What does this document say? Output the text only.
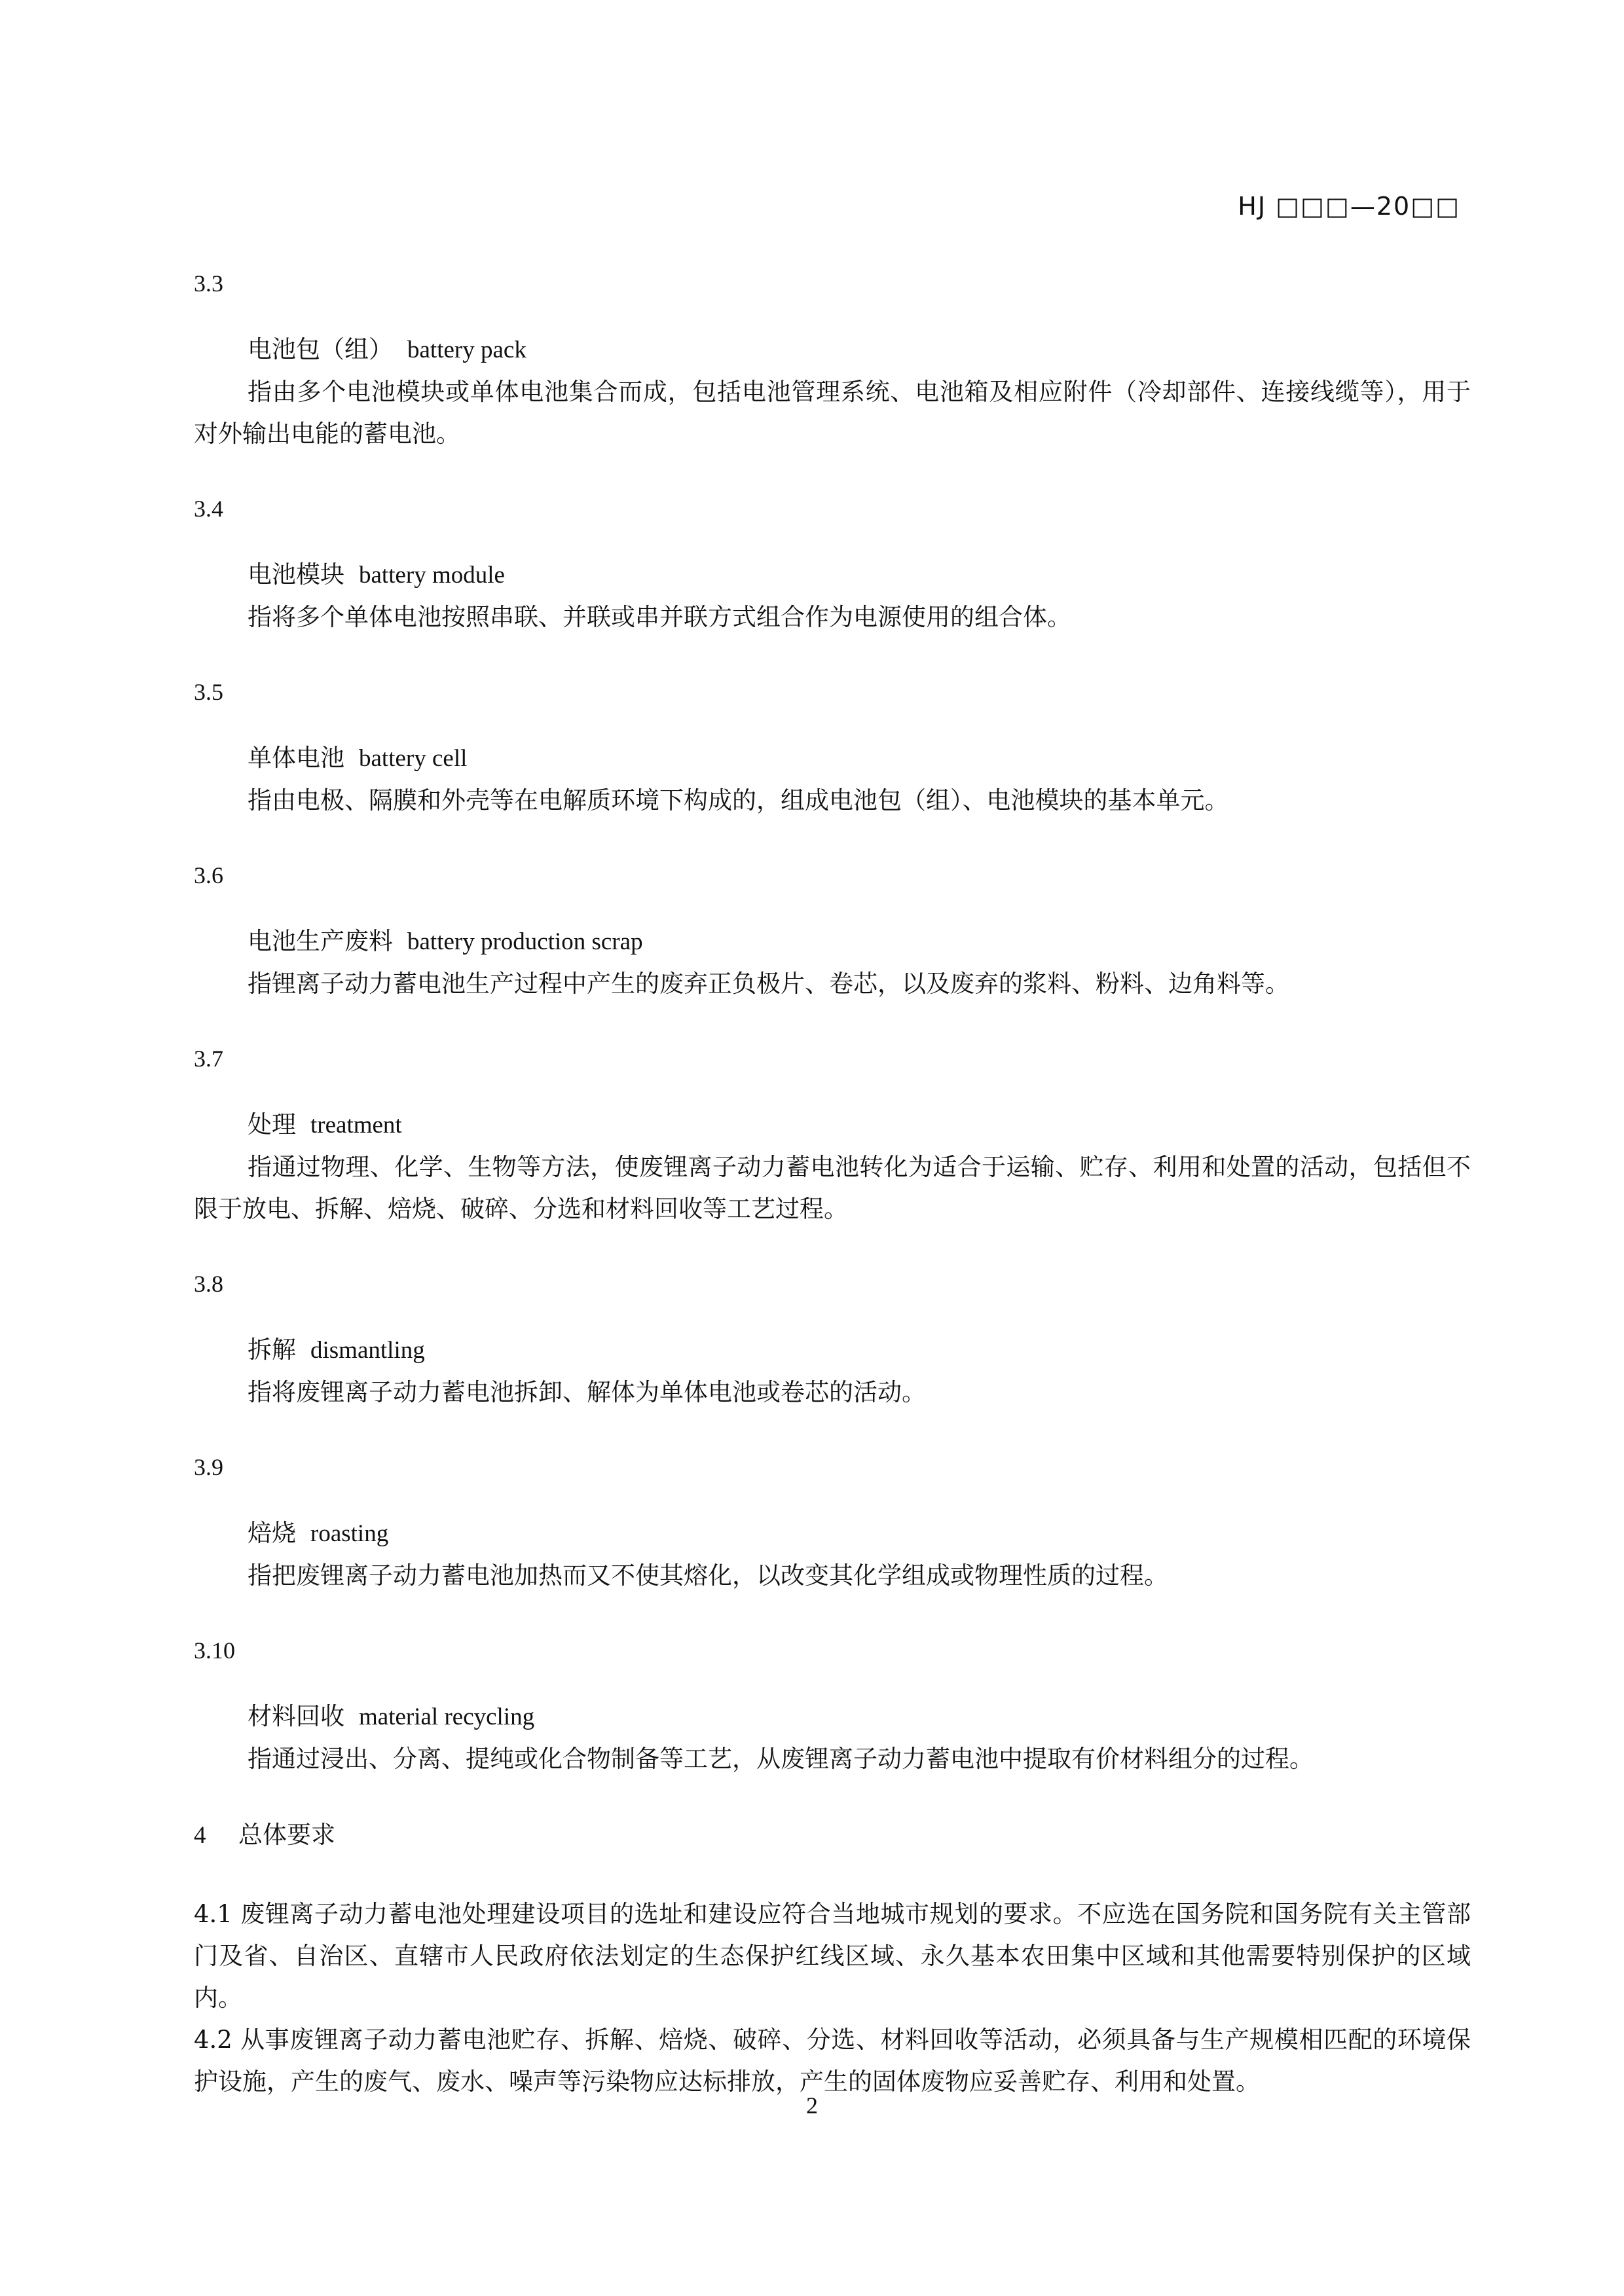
HJ □□□—20□□
3.3
电池包（组） battery pack
指由多个电池模块或单体电池集合而成，包括电池管理系统、电池箱及相应附件（冷却部件、连接线缆等），用于对外输出电能的蓄电池。
3.4
电池模块 battery module
指将多个单体电池按照串联、并联或串并联方式组合作为电源使用的组合体。
3.5
单体电池 battery cell
指由电极、隔膜和外壳等在电解质环境下构成的，组成电池包（组）、电池模块的基本单元。
3.6
电池生产废料 battery production scrap
指锂离子动力蓄电池生产过程中产生的废弃正负极片、卷芯，以及废弃的浆料、粉料、边角料等。
3.7
处理 treatment
指通过物理、化学、生物等方法，使废锂离子动力蓄电池转化为适合于运输、贮存、利用和处置的活动，包括但不限于放电、拆解、焙烧、破碎、分选和材料回收等工艺过程。
3.8
拆解 dismantling
指将废锂离子动力蓄电池拆卸、解体为单体电池或卷芯的活动。
3.9
焙烧 roasting
指把废锂离子动力蓄电池加热而又不使其熔化，以改变其化学组成或物理性质的过程。
3.10
材料回收 material recycling
指通过浸出、分离、提纯或化合物制备等工艺，从废锂离子动力蓄电池中提取有价材料组分的过程。
4 总体要求
4.1 废锂离子动力蓄电池处理建设项目的选址和建设应符合当地城市规划的要求。不应选在国务院和国务院有关主管部门及省、自治区、直辖市人民政府依法划定的生态保护红线区域、永久基本农田集中区域和其他需要特别保护的区域内。
4.2 从事废锂离子动力蓄电池贮存、拆解、焙烧、破碎、分选、材料回收等活动，必须具备与生产规模相匹配的环境保护设施，产生的废气、废水、噪声等污染物应达标排放，产生的固体废物应妥善贮存、利用和处置。
2
